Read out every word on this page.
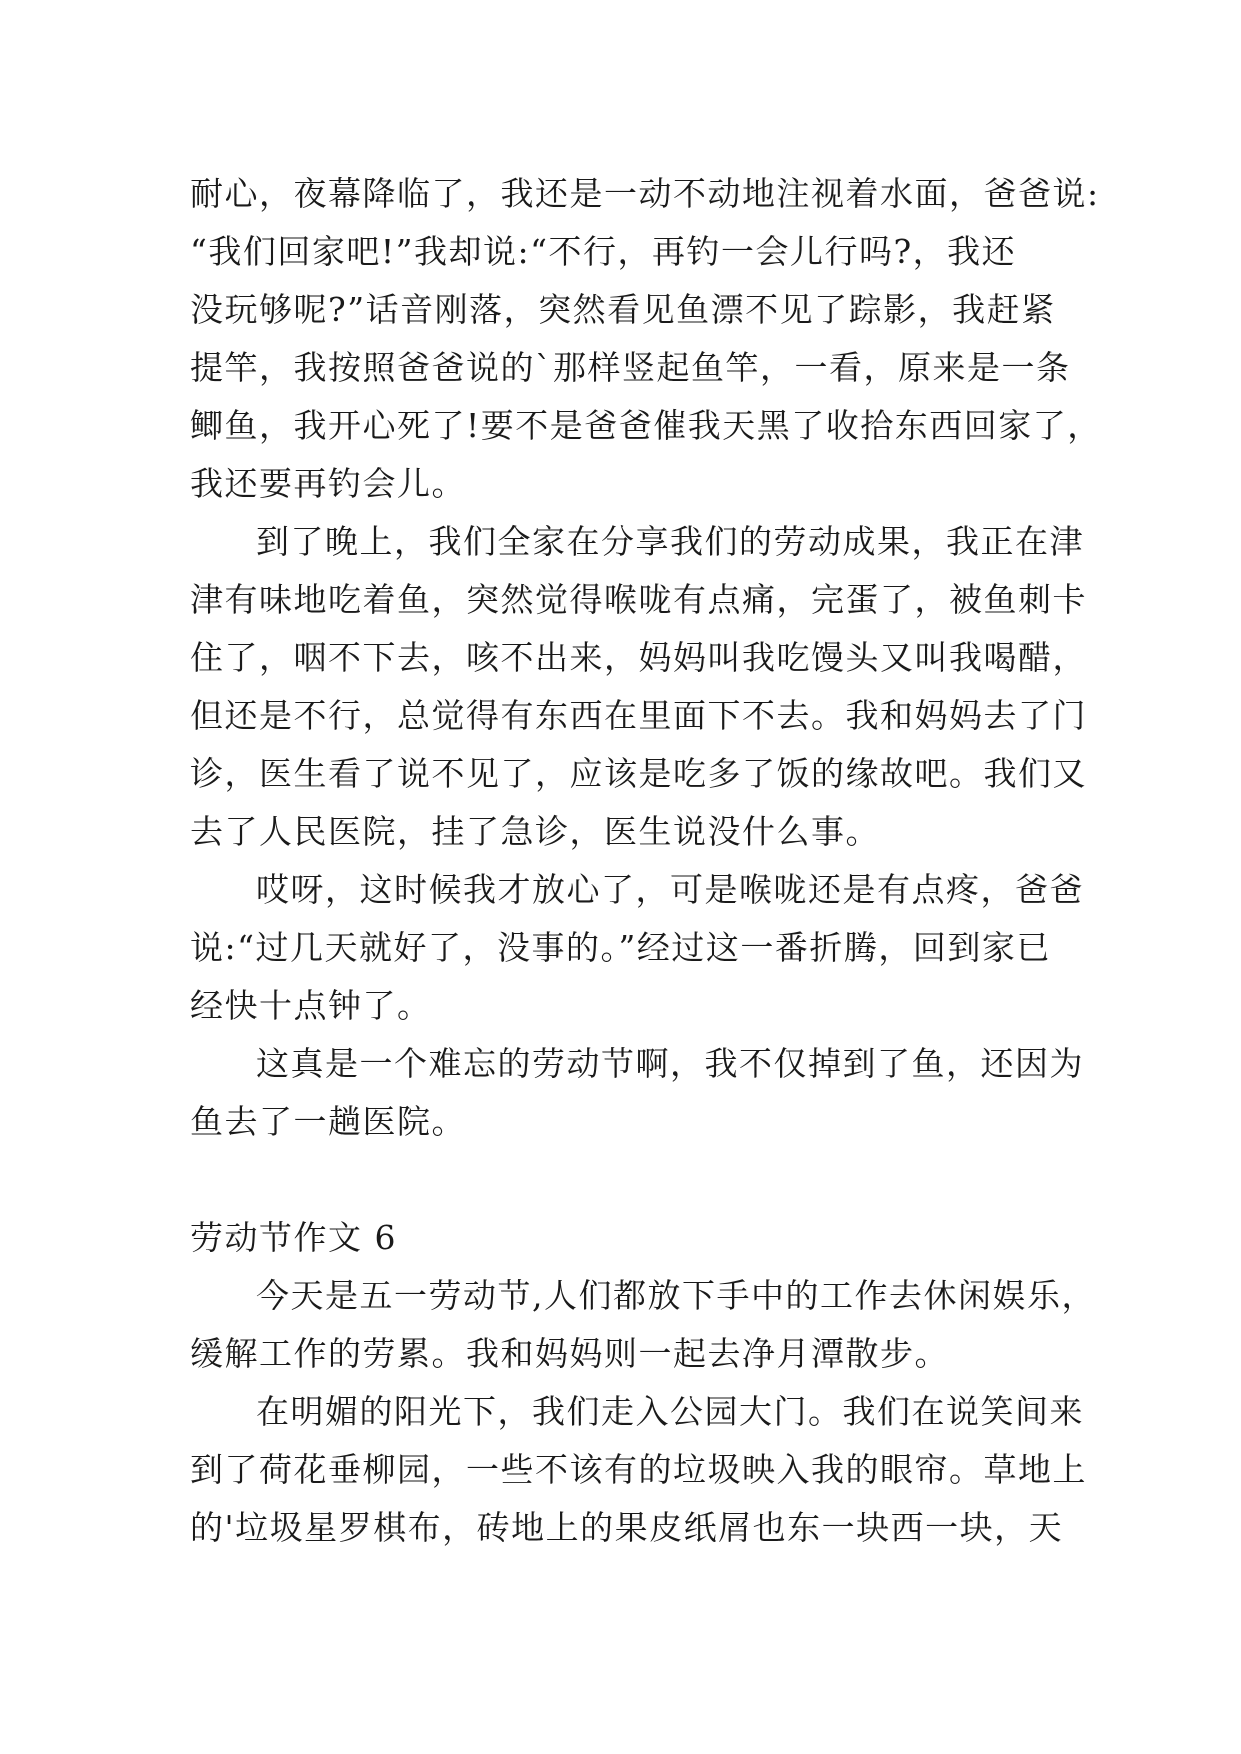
耐心，夜幕降临了，我还是一动不动地注视着水面，爸爸说:
“我们回家吧!”我却说:“不行，再钓一会儿行吗?，我还
没玩够呢?”话音刚落，突然看见鱼漂不见了踪影，我赶紧
提竿，我按照爸爸说的`那样竖起鱼竿，一看，原来是一条
鲫鱼，我开心死了!要不是爸爸催我天黑了收拾东西回家了，
我还要再钓会儿。
到了晚上，我们全家在分享我们的劳动成果，我正在津
津有味地吃着鱼，突然觉得喉咙有点痛，完蛋了，被鱼刺卡
住了，咽不下去，咳不出来，妈妈叫我吃馒头又叫我喝醋，
但还是不行，总觉得有东西在里面下不去。我和妈妈去了门
诊，医生看了说不见了，应该是吃多了饭的缘故吧。我们又
去了人民医院，挂了急诊，医生说没什么事。
哎呀，这时候我才放心了，可是喉咙还是有点疼，爸爸
说:“过几天就好了，没事的。”经过这一番折腾，回到家已
经快十点钟了。
这真是一个难忘的劳动节啊，我不仅掉到了鱼，还因为
鱼去了一趟医院。
劳动节作文 6
今天是五一劳动节,人们都放下手中的工作去休闲娱乐，
缓解工作的劳累。我和妈妈则一起去净月潭散步。
在明媚的阳光下，我们走入公园大门。我们在说笑间来
到了荷花垂柳园，一些不该有的垃圾映入我的眼帘。草地上
的'垃圾星罗棋布，砖地上的果皮纸屑也东一块西一块，天
